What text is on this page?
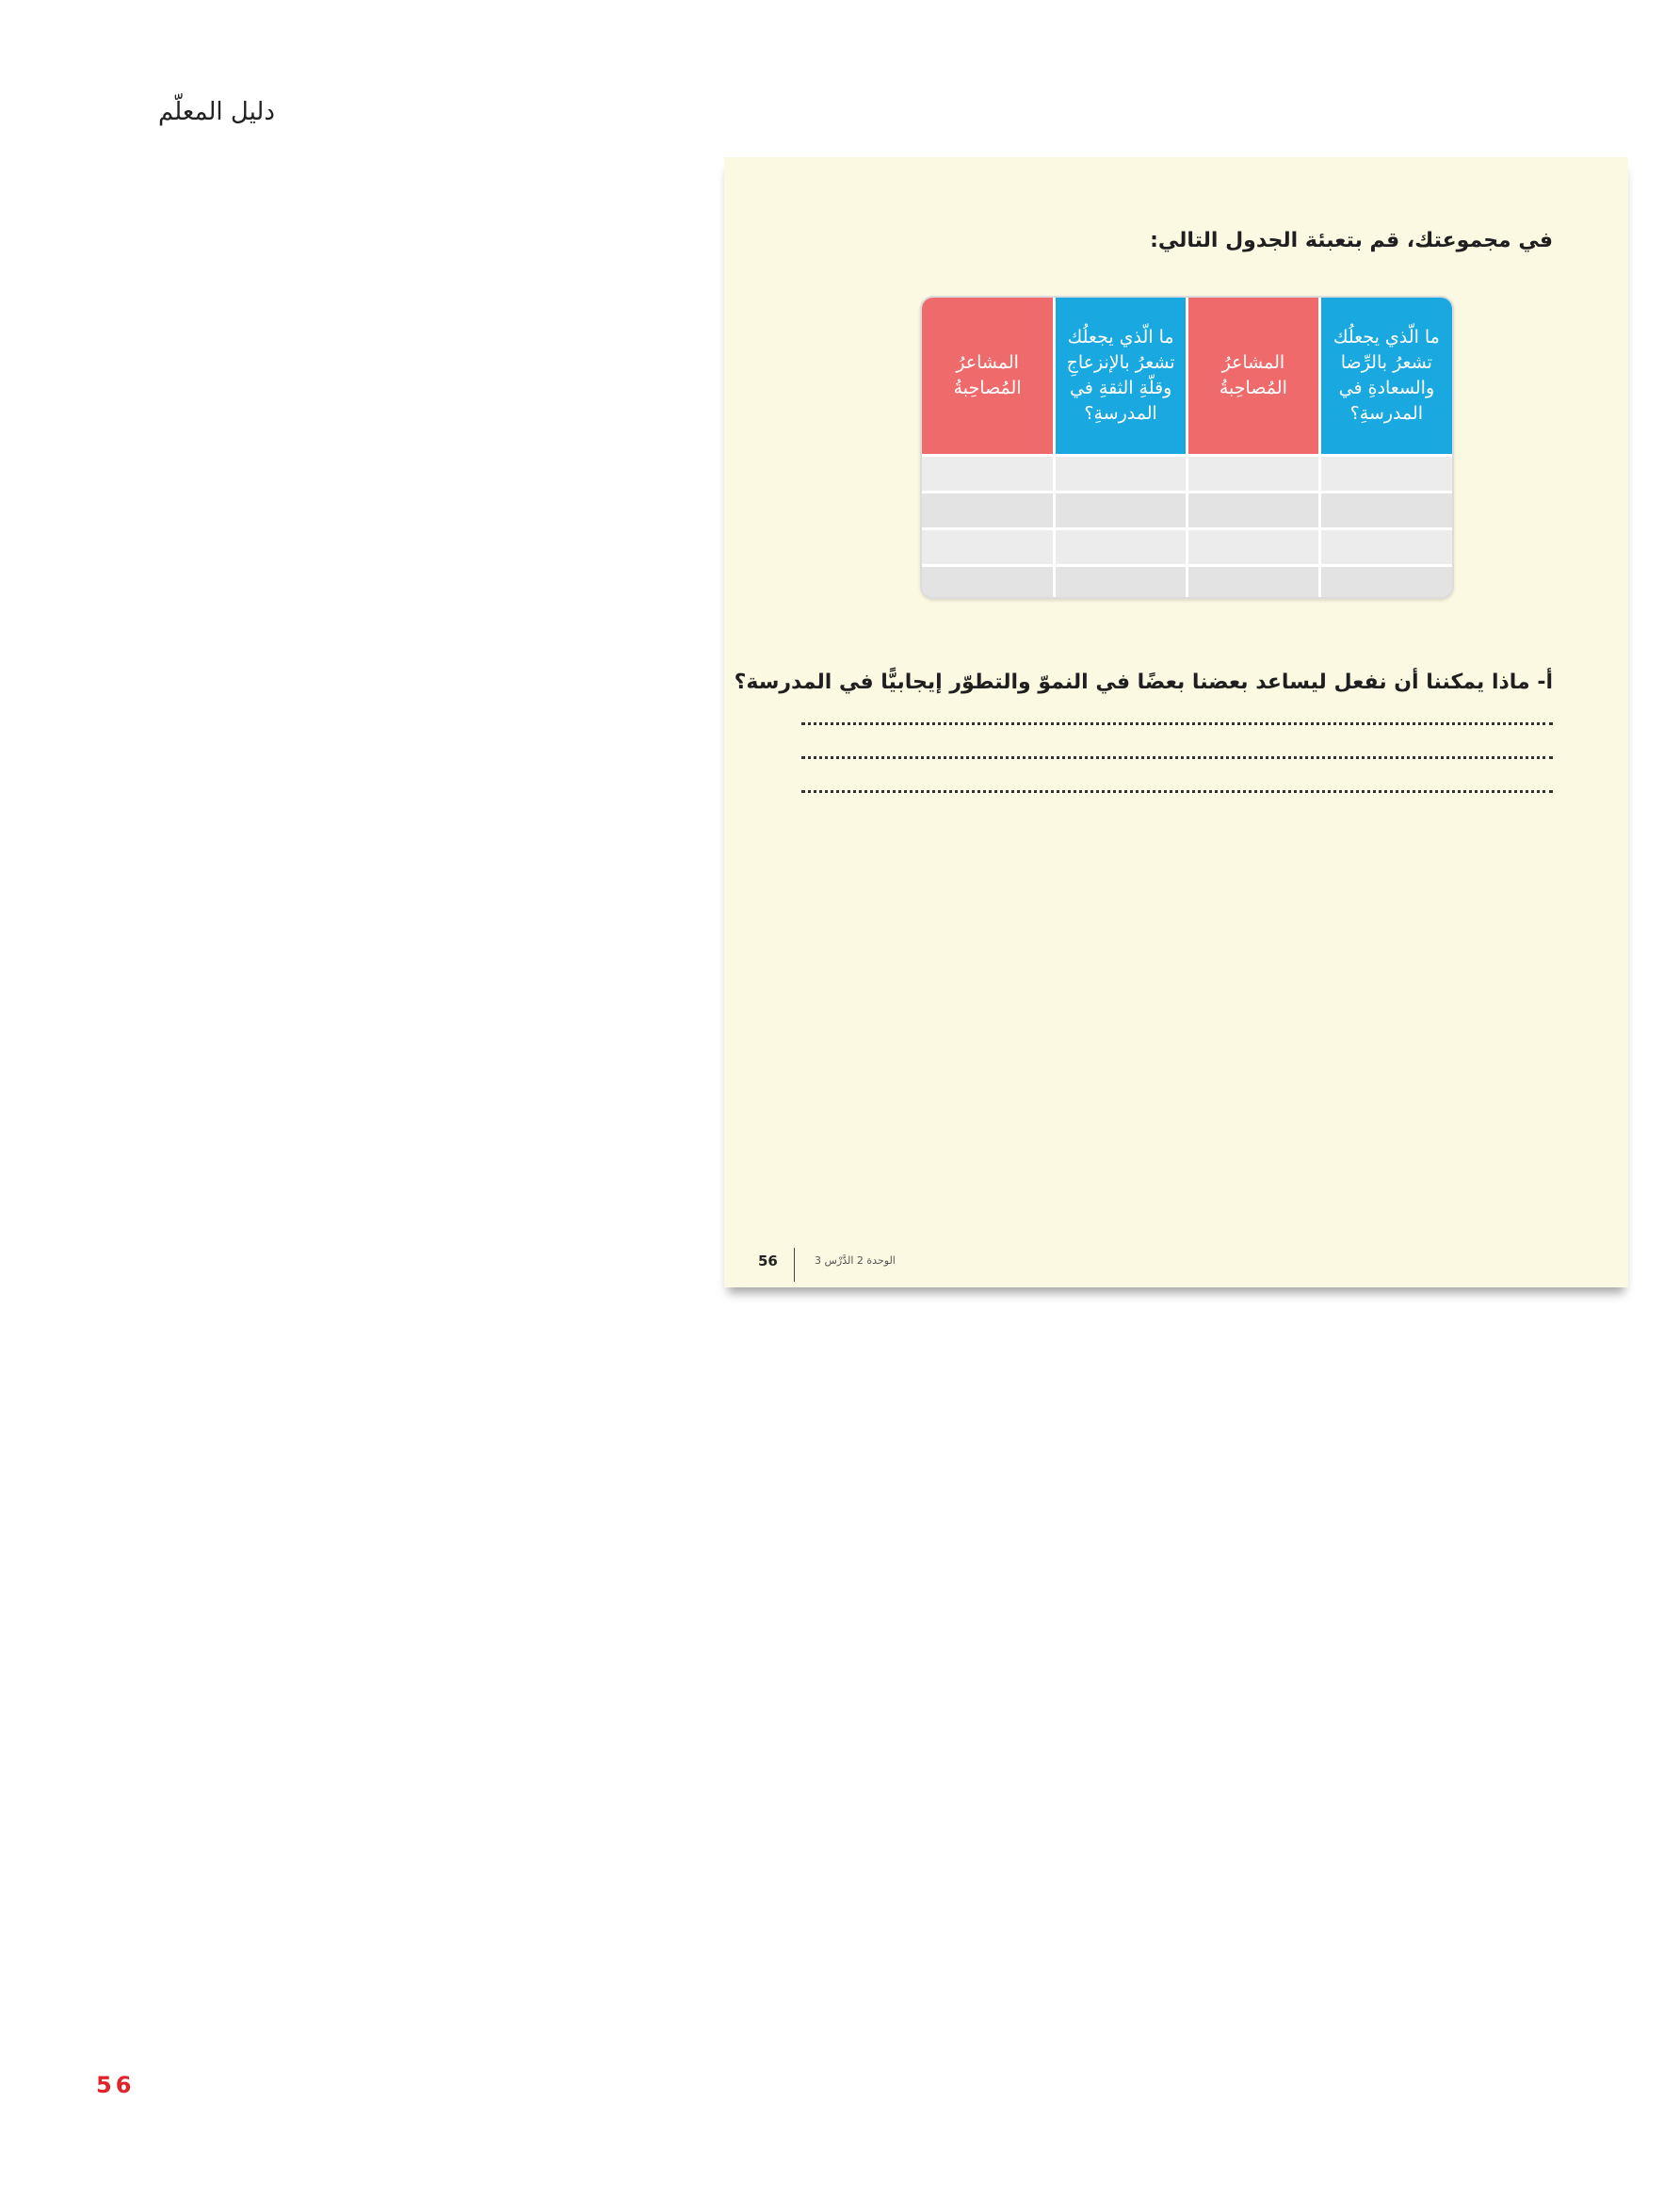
دليل المعلّم
في مجموعتك، قم بتعبئة الجدول التالي:
ما الّذي يجعلُك تشعرُ بالرِّضا والسعادةِ في المدرسةِ؟	المشاعرُ المُصاحِبةُ	ما الّذي يجعلُك تشعرُ بالإنزعاجِ وقلّةِ الثقةِ في المدرسةِ؟	المشاعرُ المُصاحِبةُ

أ- ماذا يمكننا أن نفعل ليساعد بعضنا بعضًا في النموّ والتطوّر إيجابيًّا في المدرسة؟
56	الوحدة 2 الدَّرْس 3
56
